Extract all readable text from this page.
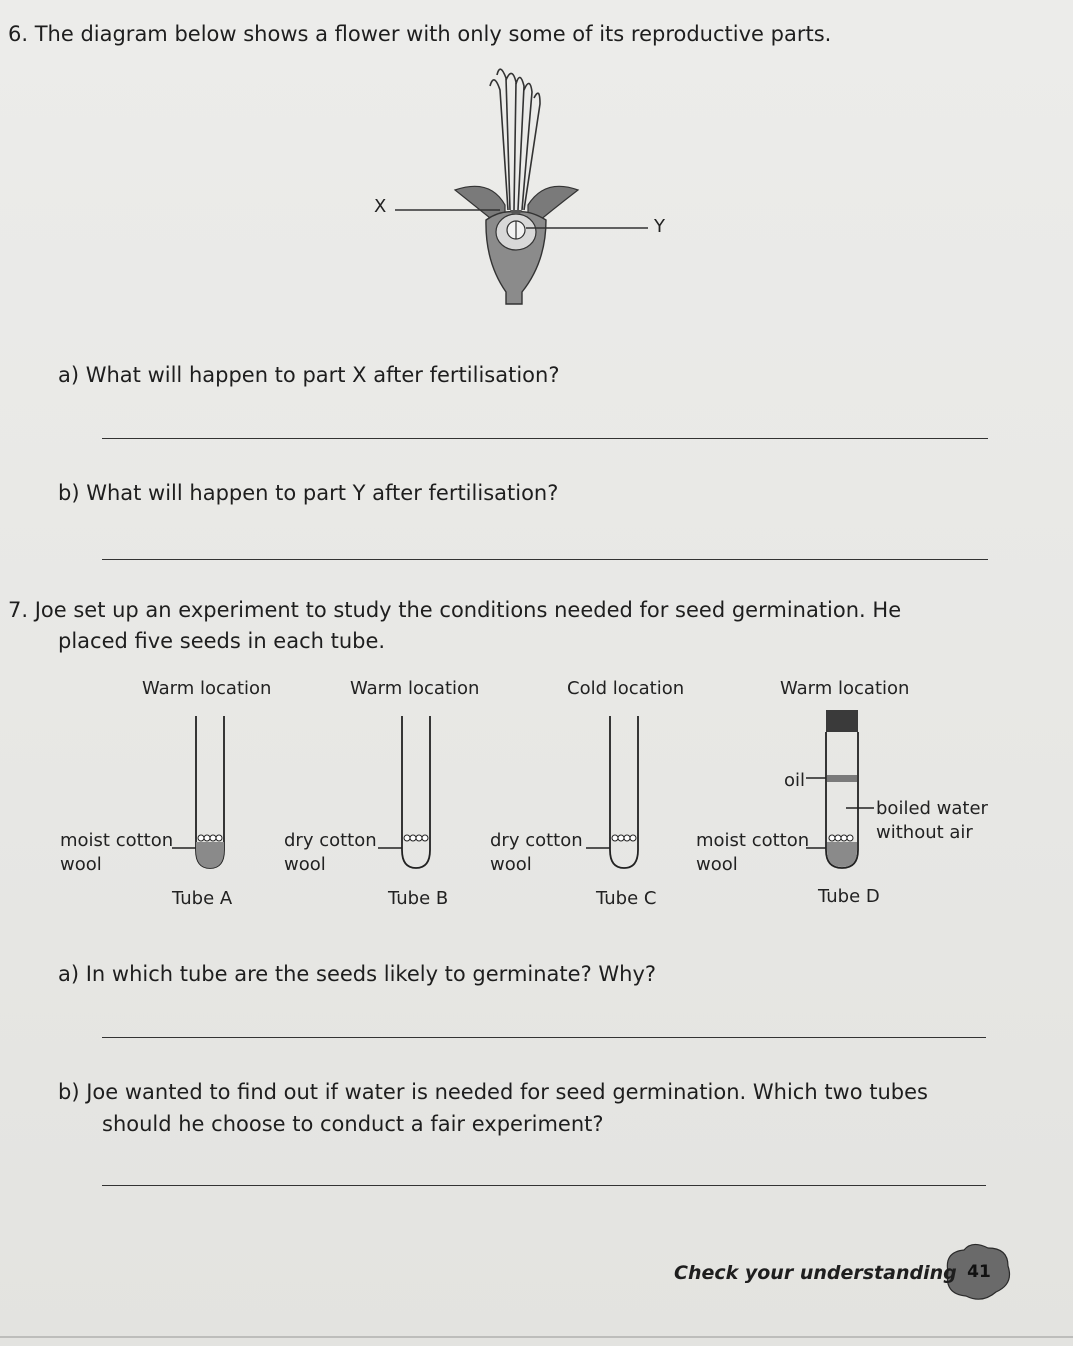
6. The diagram below shows a flower with only some of its reproductive parts.
X
Y
a) What will happen to part X after fertilisation?
b) What will happen to part Y after fertilisation?
7. Joe set up an experiment to study the conditions needed for seed germination. He
placed five seeds in each tube.
Warm location
moist cotton
wool
Tube A
Warm location
dry cotton
wool
Tube B
Cold location
dry cotton
wool
Tube C
Warm location
oil
boiled water
without air
moist cotton
wool
Tube D
a) In which tube are the seeds likely to germinate? Why?
b) Joe wanted to find out if water is needed for seed germination. Which two tubes
should he choose to conduct a fair experiment?
Check your understanding 41
